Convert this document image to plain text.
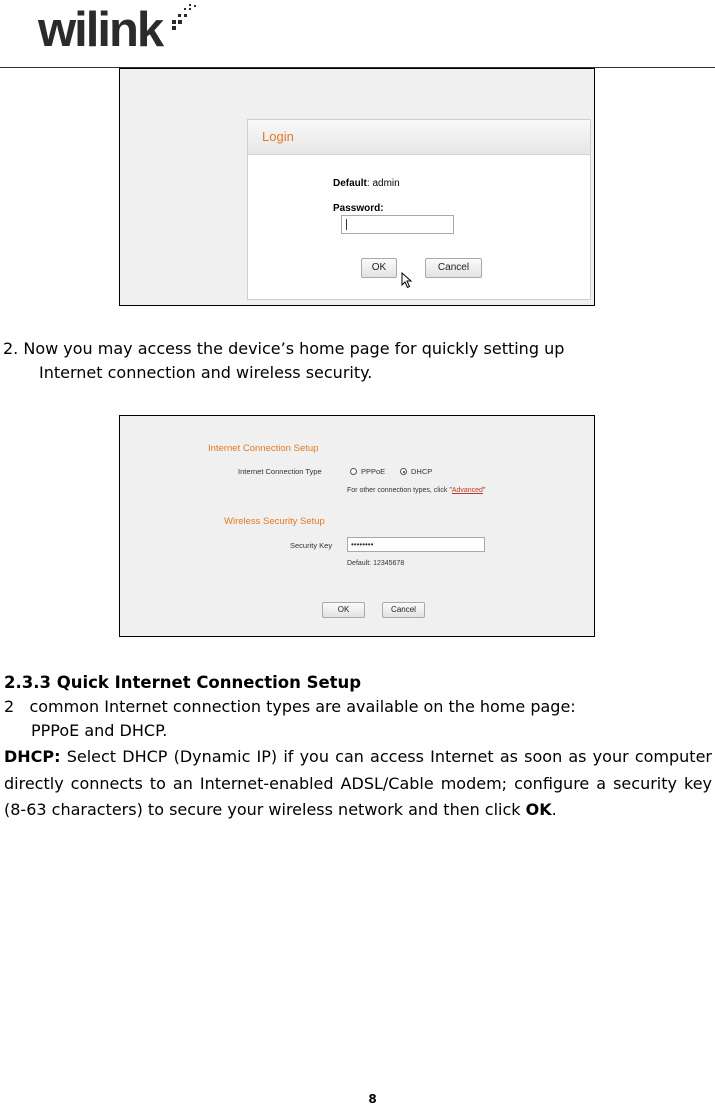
wilink
Login
Default: admin
Password:
OK	Cancel
2. Now you may access the device’s home page for quickly setting up
Internet connection and wireless security.
Internet Connection Setup
Internet Connection Type	PPPoE	DHCP
For other connection types, click "Advanced"
Wireless Security Setup
Security Key ••••••••
Default: 12345678
OK	Cancel
2.3.3 Quick Internet Connection Setup
2 common Internet connection types are available on the home page:
PPPoE and DHCP.
DHCP: Select DHCP (Dynamic IP) if you can access Internet as soon as your computer directly connects to an Internet-enabled ADSL/Cable modem; configure a security key (8-63 characters) to secure your wireless network and then click OK.
8
